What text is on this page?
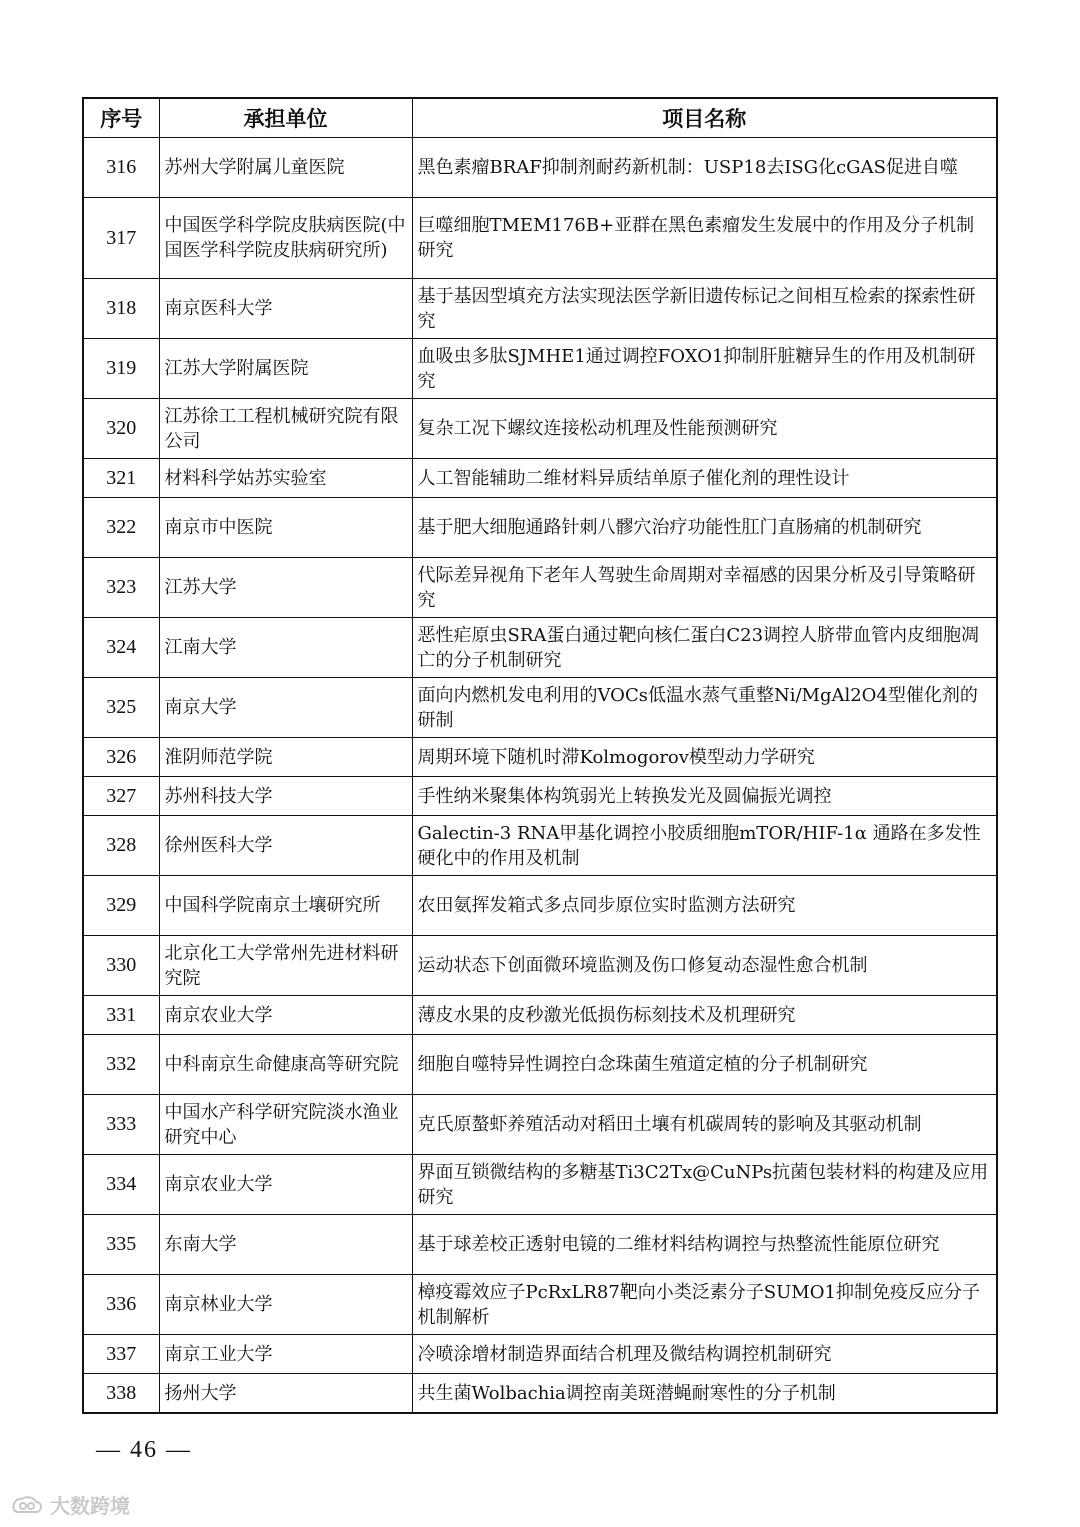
序号	承担单位	项目名称
316	苏州大学附属儿童医院	黑色素瘤BRAF抑制剂耐药新机制：USP18去ISG化cGAS促进自噬
317	中国医学科学院皮肤病医院(中国医学科学院皮肤病研究所)	巨噬细胞TMEM176B+亚群在黑色素瘤发生发展中的作用及分子机制研究
318	南京医科大学	基于基因型填充方法实现法医学新旧遗传标记之间相互检索的探索性研究
319	江苏大学附属医院	血吸虫多肽SJMHE1通过调控FOXO1抑制肝脏糖异生的作用及机制研究
320	江苏徐工工程机械研究院有限公司	复杂工况下螺纹连接松动机理及性能预测研究
321	材料科学姑苏实验室	人工智能辅助二维材料异质结单原子催化剂的理性设计
322	南京市中医院	基于肥大细胞通路针刺八髎穴治疗功能性肛门直肠痛的机制研究
323	江苏大学	代际差异视角下老年人驾驶生命周期对幸福感的因果分析及引导策略研究
324	江南大学	恶性疟原虫SRA蛋白通过靶向核仁蛋白C23调控人脐带血管内皮细胞凋亡的分子机制研究
325	南京大学	面向内燃机发电利用的VOCs低温水蒸气重整Ni/MgAl2O4型催化剂的研制
326	淮阴师范学院	周期环境下随机时滞Kolmogorov模型动力学研究
327	苏州科技大学	手性纳米聚集体构筑弱光上转换发光及圆偏振光调控
328	徐州医科大学	Galectin-3 RNA甲基化调控小胶质细胞mTOR/HIF-1α 通路在多发性硬化中的作用及机制
329	中国科学院南京土壤研究所	农田氨挥发箱式多点同步原位实时监测方法研究
330	北京化工大学常州先进材料研究院	运动状态下创面微环境监测及伤口修复动态湿性愈合机制
331	南京农业大学	薄皮水果的皮秒激光低损伤标刻技术及机理研究
332	中科南京生命健康高等研究院	细胞自噬特异性调控白念珠菌生殖道定植的分子机制研究
333	中国水产科学研究院淡水渔业研究中心	克氏原螯虾养殖活动对稻田土壤有机碳周转的影响及其驱动机制
334	南京农业大学	界面互锁微结构的多糖基Ti3C2Tx@CuNPs抗菌包装材料的构建及应用研究
335	东南大学	基于球差校正透射电镜的二维材料结构调控与热整流性能原位研究
336	南京林业大学	樟疫霉效应子PcRxLR87靶向小类泛素分子SUMO1抑制免疫反应分子机制解析
337	南京工业大学	冷喷涂增材制造界面结合机理及微结构调控机制研究
338	扬州大学	共生菌Wolbachia调控南美斑潜蝇耐寒性的分子机制
— 46 —
大数跨境
